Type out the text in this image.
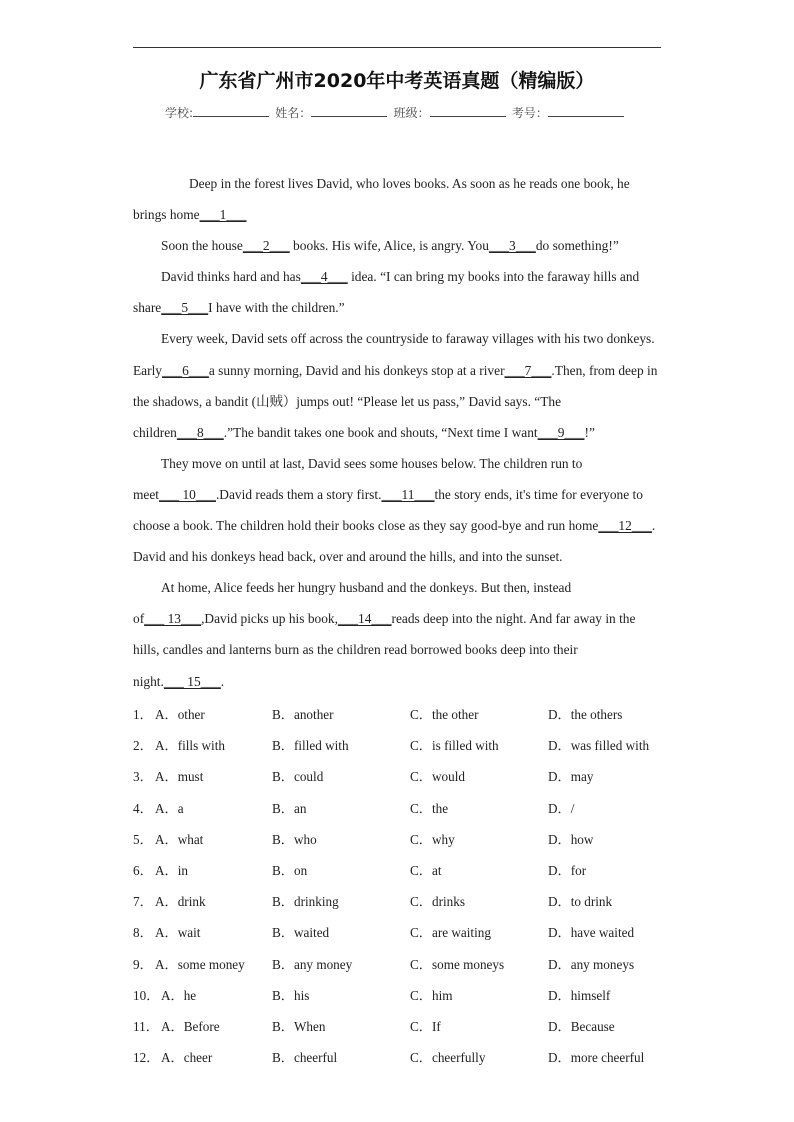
广东省广州市2020年中考英语真题（精编版）
学校:	姓名：	班级：	考号：

Deep in the forest lives David, who loves books. As soon as he reads one book, he brings home___1___

Soon the house___2___ books. His wife, Alice, is angry. You___3___do something!”

David thinks hard and has___4___ idea. “I can bring my books into the faraway hills and share___5___I have with the children.”

Every week, David sets off across the countryside to faraway villages with his two donkeys. Early___6___a sunny morning, David and his donkeys stop at a river___7___.Then, from deep in the shadows, a bandit (山贼）jumps out! “Please let us pass,” David says. “The children___8___.”The bandit takes one book and shouts, “Next time I want___9___!”

They move on until at last, David sees some houses below. The children run to meet___ 10___.David reads them a story first.___11___the story ends, it's time for everyone to choose a book. The children hold their books close as they say good-bye and run home___12___. David and his donkeys head back, over and around the hills, and into the sunset.

At home, Alice feeds her hungry husband and the donkeys. But then, instead of___ 13___,David picks up his book,___14___reads deep into the night. And far away in the hills, candles and lanterns burn as the children read borrowed books deep into their night.___ 15___.

1． A．other	B．another	C．the other	D．the others
2． A．fills with	B．filled with	C．is filled with	D．was filled with
3． A．must	B．could	C．would	D．may
4． A．a	B．an	C．the	D．/
5． A．what	B．who	C．why	D．how
6． A．in	B．on	C．at	D．for
7． A．drink	B．drinking	C．drinks	D．to drink
8． A．wait	B．waited	C．are waiting	D．have waited
9． A．some money B．any money	C．some moneys	D．any moneys
10． A．he	B．his	C．him	D．himself
11． A．Before	B．When	C．If	D．Because
12． A．cheer	B．cheerful	C．cheerfully	D．more cheerful
